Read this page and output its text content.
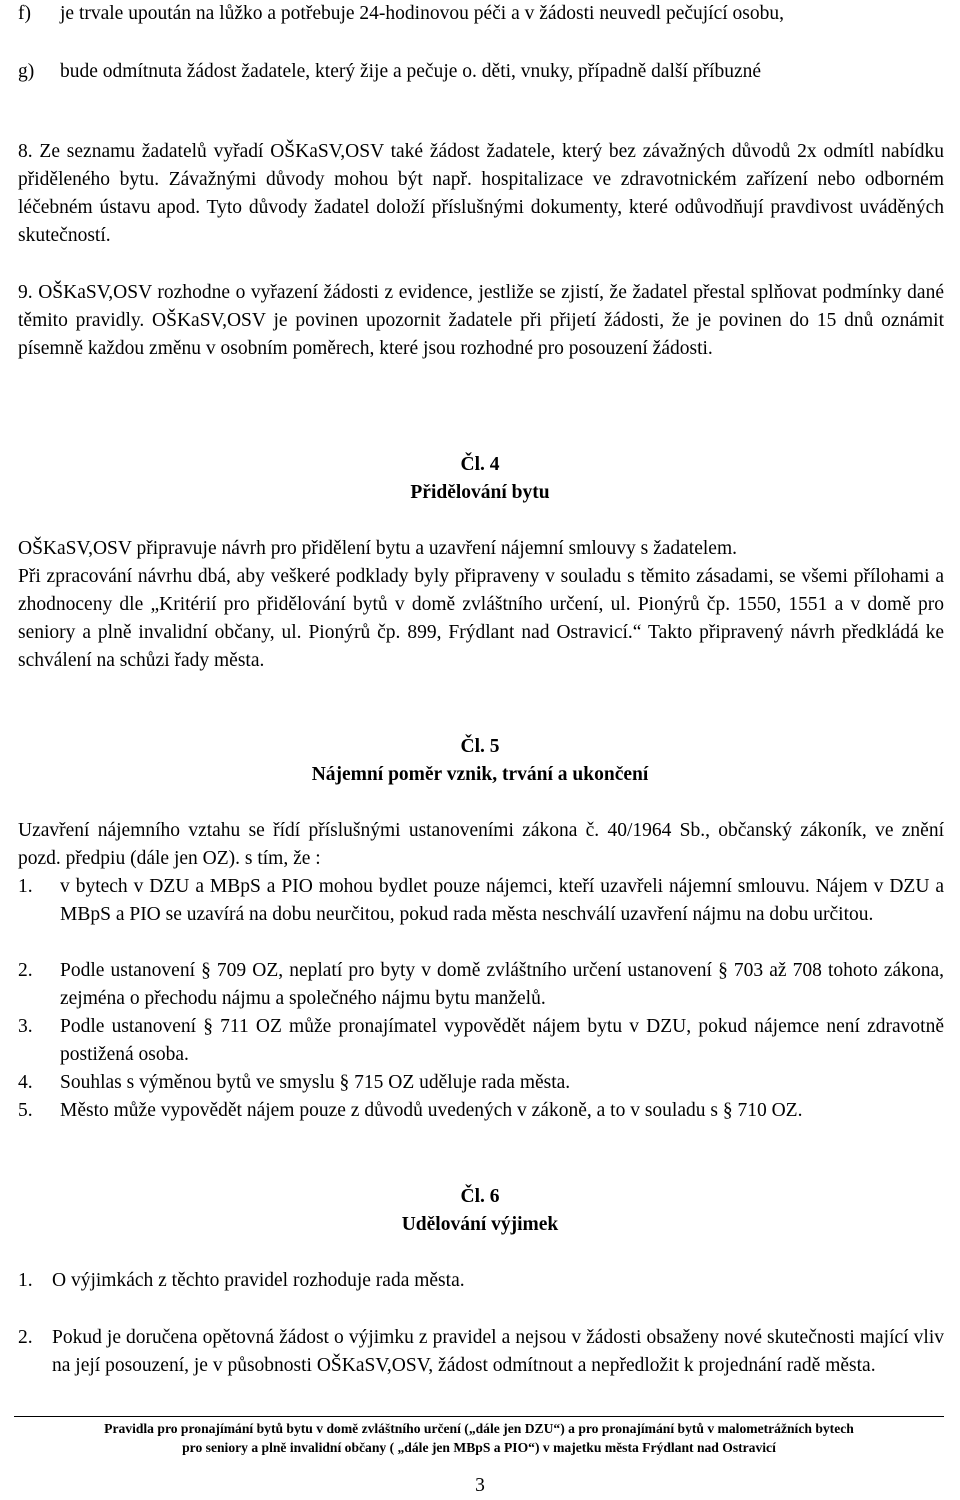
f) je trvale upoután na lůžko a potřebuje 24-hodinovou péči a v žádosti neuvedl pečující osobu,
g) bude odmítnuta žádost žadatele, který žije a pečuje o. děti, vnuky, případně další příbuzné

8. Ze seznamu žadatelů vyřadí OŠKaSV,OSV také žádost žadatele, který bez závažných důvodů 2x odmítl nabídku přiděleného bytu. Závažnými důvody mohou být např. hospitalizace ve zdravotnickém zařízení nebo odborném léčebném ústavu apod. Tyto důvody žadatel doloží příslušnými dokumenty, které odůvodňují pravdivost uváděných skutečností.

9. OŠKaSV,OSV rozhodne o vyřazení žádosti z evidence, jestliže se zjistí, že žadatel přestal splňovat podmínky dané těmito pravidly. OŠKaSV,OSV je povinen upozornit žadatele při přijetí žádosti, že je povinen do 15 dnů oznámit písemně každou změnu v osobním poměrech, které jsou rozhodné pro posouzení žádosti.

Čl. 4
Přidělování bytu

OŠKaSV,OSV připravuje návrh pro přidělení bytu a uzavření nájemní smlouvy s žadatelem.

Při zpracování návrhu dbá, aby veškeré podklady byly připraveny v souladu s těmito zásadami, se všemi přílohami a zhodnoceny dle „Kritérií pro přidělování bytů v domě zvláštního určení, ul. Pionýrů čp. 1550, 1551 a v domě pro seniory a plně invalidní občany, ul. Pionýrů čp. 899, Frýdlant nad Ostravicí.“ Takto připravený návrh předkládá ke schválení na schůzi řady města.

Čl. 5
Nájemní poměr vznik, trvání a ukončení

Uzavření nájemního vztahu se řídí příslušnými ustanoveními zákona č. 40/1964 Sb., občanský zákoník, ve znění pozd. předpiu (dále jen OZ). s tím, že :

1. v bytech v DZU a MBpS a PIO mohou bydlet pouze nájemci, kteří uzavřeli nájemní smlouvu. Nájem v DZU a MBpS a PIO se uzavírá na dobu neurčitou, pokud rada města neschválí uzavření nájmu na dobu určitou.
2. Podle ustanovení § 709 OZ, neplatí pro byty v domě zvláštního určení ustanovení § 703 až 708 tohoto zákona, zejména o přechodu nájmu a společného nájmu bytu manželů.
3. Podle ustanovení § 711 OZ může pronajímatel vypovědět nájem bytu v DZU, pokud nájemce není zdravotně postižená osoba.
4. Souhlas s výměnou bytů ve smyslu § 715 OZ uděluje rada města.
5. Město může vypovědět nájem pouze z důvodů uvedených v zákoně, a to v souladu s § 710 OZ.
Čl. 6
Udělování výjimek
1. O výjimkách z těchto pravidel rozhoduje rada města.
2. Pokud je doručena opětovná žádost o výjimku z pravidel a nejsou v žádosti obsaženy nové skutečnosti mající vliv na její posouzení, je v působnosti OŠKaSV,OSV, žádost odmítnout a nepředložit k projednání radě města.
Pravidla pro pronajímání bytů bytu v domě zvláštního určení („dále jen DZU“) a pro pronajímání bytů v malometrážních bytech
pro seniory a plně invalidní občany ( „dále jen MBpS a PIO“) v majetku města Frýdlant nad Ostravicí
3
